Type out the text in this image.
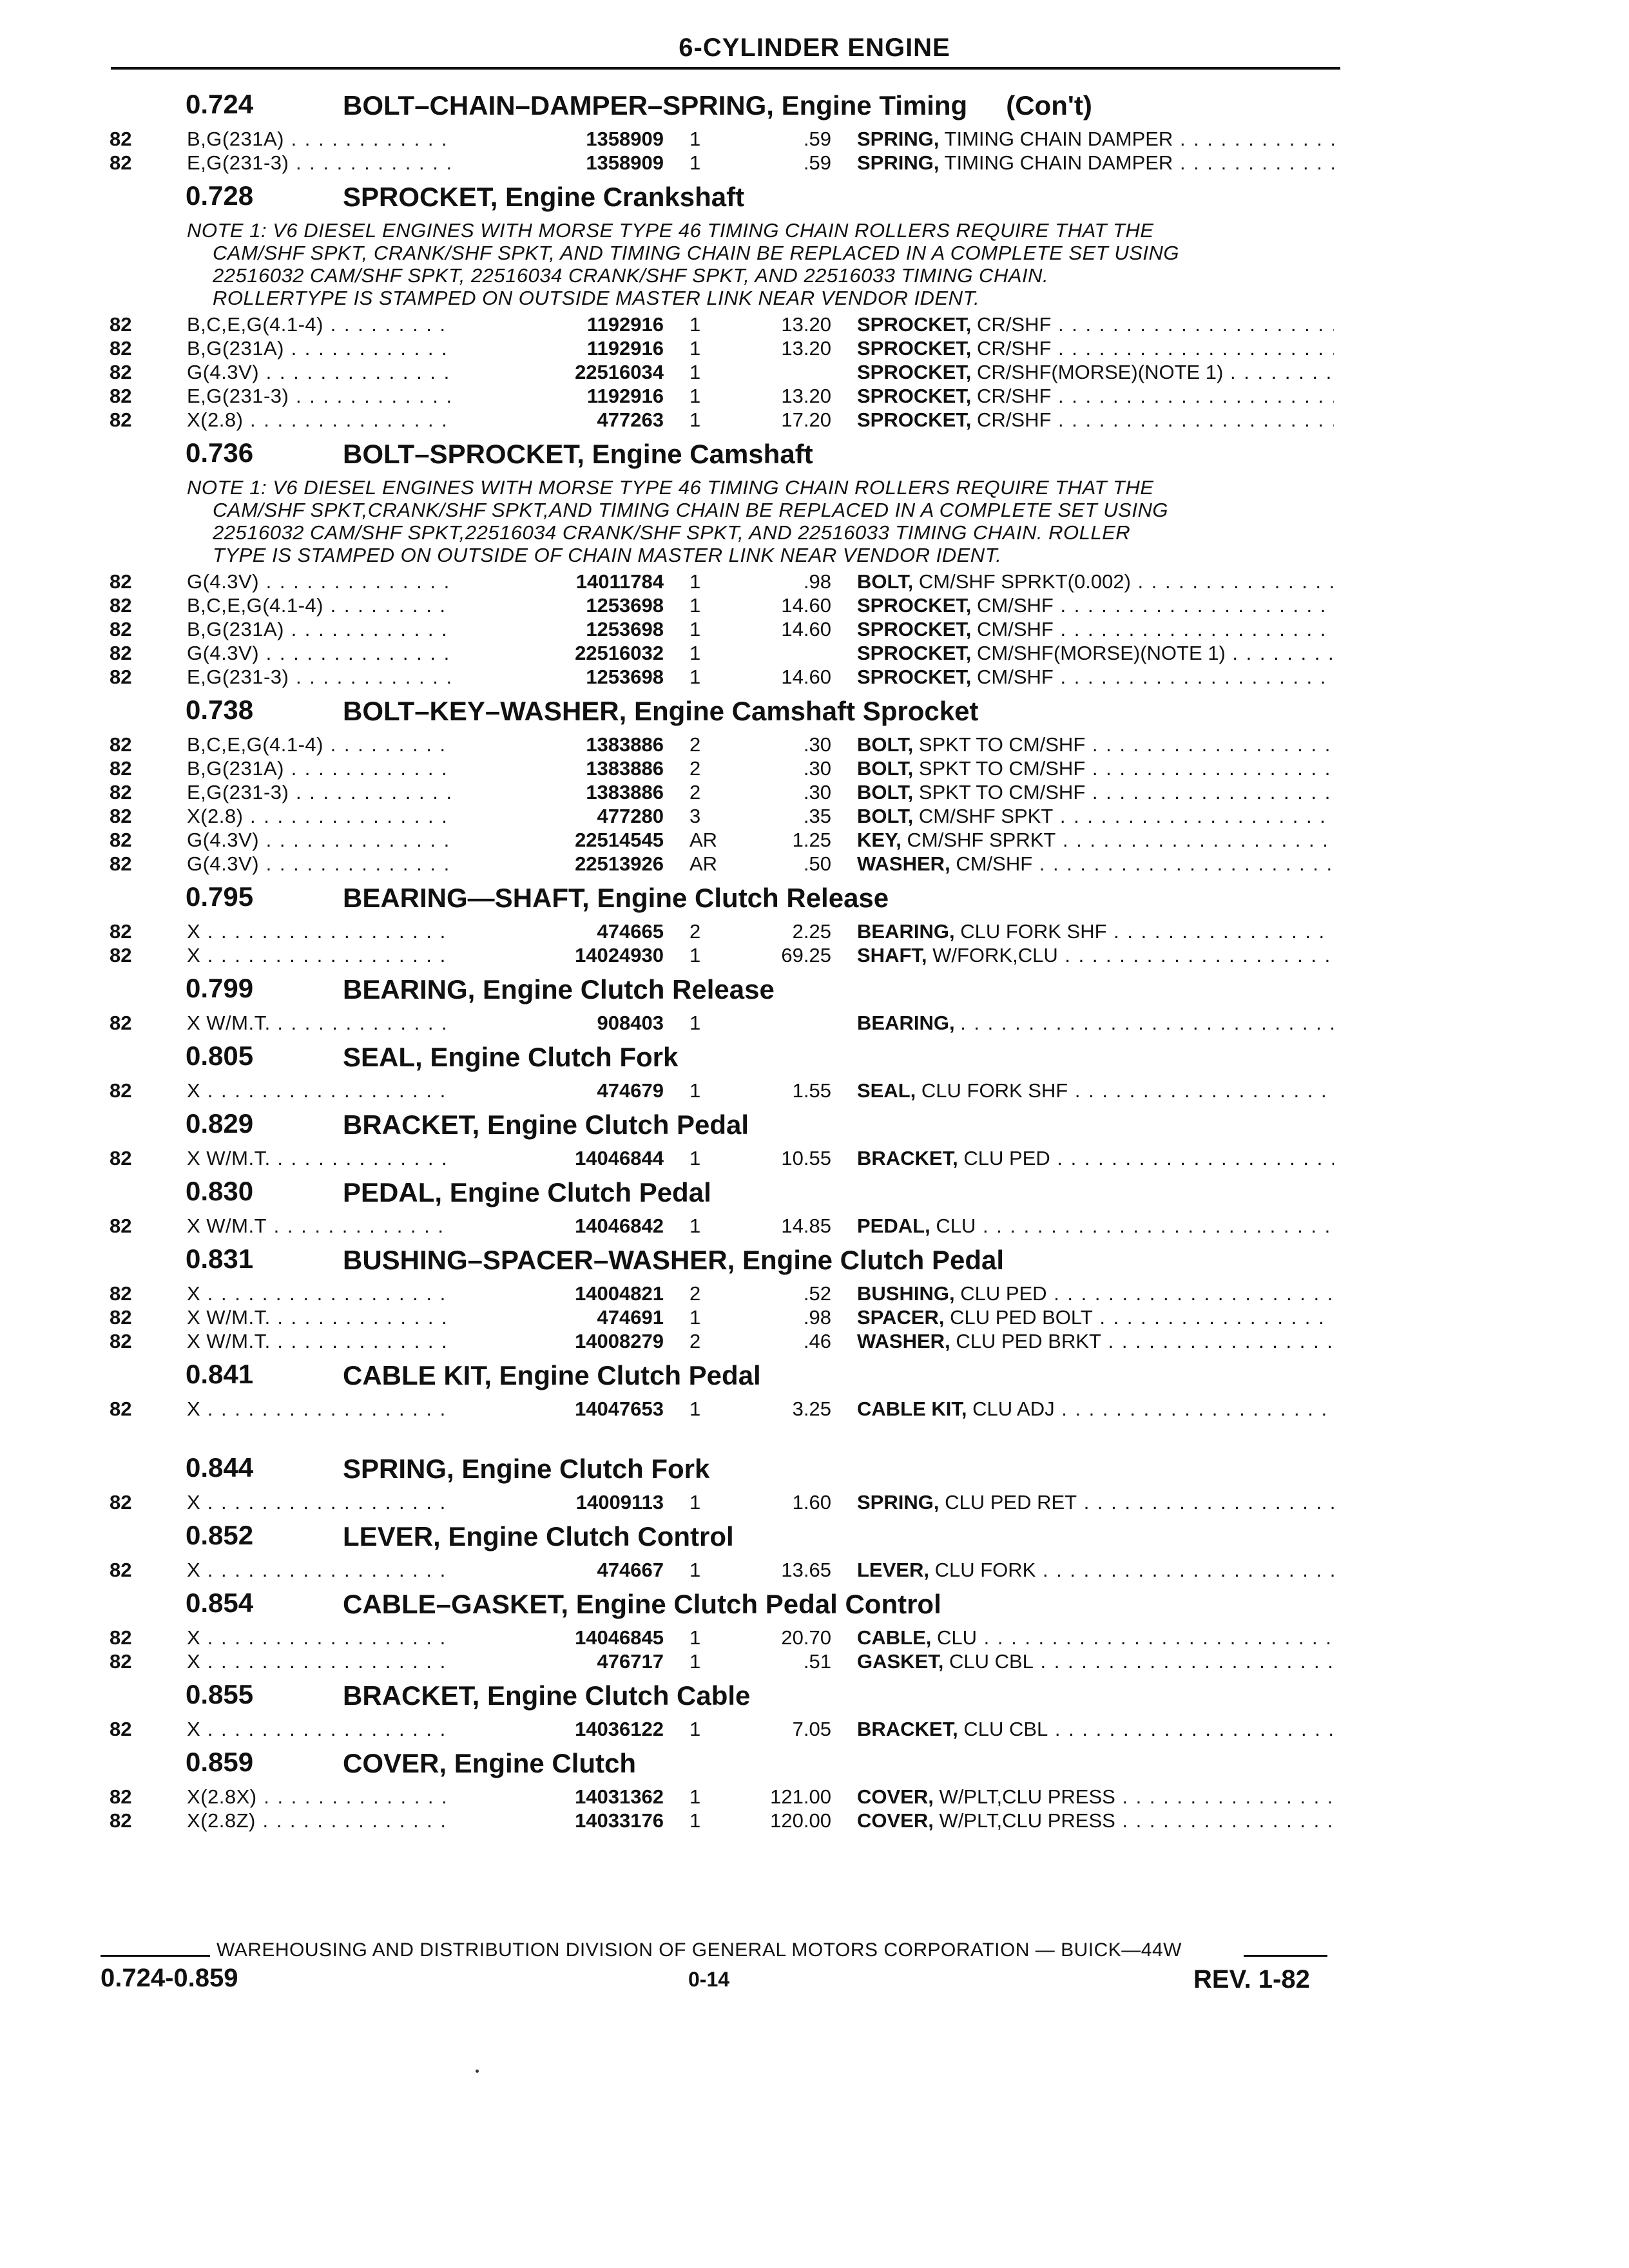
6-CYLINDER ENGINE
0.724	BOLT–CHAIN–DAMPER–SPRING, Engine Timing (Con't)
82	B,G(231A) . . .	1358909 1	.59 SPRING, TIMING CHAIN DAMPER . . .
82	E,G(231-3) . . .	1358909 1	.59 SPRING, TIMING CHAIN DAMPER . . .
0.728	SPROCKET, Engine Crankshaft
NOTE 1: V6 DIESEL ENGINES WITH MORSE TYPE 46 TIMING CHAIN ROLLERS REQUIRE THAT THE
CAM/SHF SPKT, CRANK/SHF SPKT, AND TIMING CHAIN BE REPLACED IN A COMPLETE SET USING
22516032 CAM/SHF SPKT, 22516034 CRANK/SHF SPKT, AND 22516033 TIMING CHAIN.
ROLLERTYPE IS STAMPED ON OUTSIDE MASTER LINK NEAR VENDOR IDENT.
82	B,C,E,G(4.1-4) . . .	1192916 1	13.20 SPROCKET, CR/SHF . . .
82	B,G(231A) . . .	1192916 1	13.20 SPROCKET, CR/SHF . . .
82	G(4.3V) . . .	22516034 1	SPROCKET, CR/SHF(MORSE)(NOTE 1) . . .
82	E,G(231-3) . . .	1192916 1	13.20 SPROCKET, CR/SHF . . .
82	X(2.8) . . .	477263 1	17.20 SPROCKET, CR/SHF . . .
0.736	BOLT–SPROCKET, Engine Camshaft
NOTE 1: V6 DIESEL ENGINES WITH MORSE TYPE 46 TIMING CHAIN ROLLERS REQUIRE THAT THE
CAM/SHF SPKT,CRANK/SHF SPKT,AND TIMING CHAIN BE REPLACED IN A COMPLETE SET USING
22516032 CAM/SHF SPKT,22516034 CRANK/SHF SPKT, AND 22516033 TIMING CHAIN. ROLLER
TYPE IS STAMPED ON OUTSIDE OF CHAIN MASTER LINK NEAR VENDOR IDENT.
82	G(4.3V) . . .	14011784 1	.98 BOLT, CM/SHF SPRKT(0.002) . . .
82	B,C,E,G(4.1-4) . . .	1253698 1	14.60 SPROCKET, CM/SHF . . .
82	B,G(231A) . . .	1253698 1	14.60 SPROCKET, CM/SHF . . .
82	G(4.3V) . . .	22516032 1	SPROCKET, CM/SHF(MORSE)(NOTE 1) . . .
82	E,G(231-3) . . .	1253698 1	14.60 SPROCKET, CM/SHF . . .
0.738	BOLT–KEY–WASHER, Engine Camshaft Sprocket
82	B,C,E,G(4.1-4) . . .	1383886 2	.30 BOLT, SPKT TO CM/SHF . . .
82	B,G(231A) . . .	1383886 2	.30 BOLT, SPKT TO CM/SHF . . .
82	E,G(231-3) . . .	1383886 2	.30 BOLT, SPKT TO CM/SHF . . .
82	X(2.8) . . .	477280 3	.35 BOLT, CM/SHF SPKT . . .
82	G(4.3V) . . .	22514545 AR	1.25 KEY, CM/SHF SPRKT . . .
82	G(4.3V) . . .	22513926 AR	.50 WASHER, CM/SHF . . .
0.795	BEARING—SHAFT, Engine Clutch Release
82	X . . .	474665 2	2.25 BEARING, CLU FORK SHF . . .
82	X . . .	14024930 1	69.25 SHAFT, W/FORK,CLU . . .
0.799	BEARING, Engine Clutch Release
82	X W/M.T. . . .	908403 1	BEARING, . . .
0.805	SEAL, Engine Clutch Fork
82	X . . .	474679 1	1.55 SEAL, CLU FORK SHF . . .
0.829	BRACKET, Engine Clutch Pedal
82	X W/M.T. . . .	14046844 1	10.55 BRACKET, CLU PED . . .
0.830	PEDAL, Engine Clutch Pedal
82	X W/M.T . . .	14046842 1	14.85 PEDAL, CLU . . .
0.831	BUSHING–SPACER–WASHER, Engine Clutch Pedal
82	X . . .	14004821 2	.52 BUSHING, CLU PED . . .
82	X W/M.T. . . .	474691 1	.98 SPACER, CLU PED BOLT . . .
82	X W/M.T. . . .	14008279 2	.46 WASHER, CLU PED BRKT . . .
0.841	CABLE KIT, Engine Clutch Pedal
82	X . . .	14047653 1	3.25 CABLE KIT, CLU ADJ . . .
0.844	SPRING, Engine Clutch Fork
82	X . . .	14009113 1	1.60 SPRING, CLU PED RET . . .
0.852	LEVER, Engine Clutch Control
82	X . . .	474667 1	13.65 LEVER, CLU FORK . . .
0.854	CABLE–GASKET, Engine Clutch Pedal Control
82	X . . .	14046845 1	20.70 CABLE, CLU . . .
82	X . . .	476717 1	.51 GASKET, CLU CBL . . .
0.855	BRACKET, Engine Clutch Cable
82	X . . .	14036122 1	7.05 BRACKET, CLU CBL . . .
0.859	COVER, Engine Clutch
82	X(2.8X) . . .	14031362 1	121.00 COVER, W/PLT,CLU PRESS . . .
82	X(2.8Z) . . .	14033176 1	120.00 COVER, W/PLT,CLU PRESS . . .
WAREHOUSING AND DISTRIBUTION DIVISION OF GENERAL MOTORS CORPORATION — BUICK—44W
0.724-0.859	0-14	REV. 1-82
